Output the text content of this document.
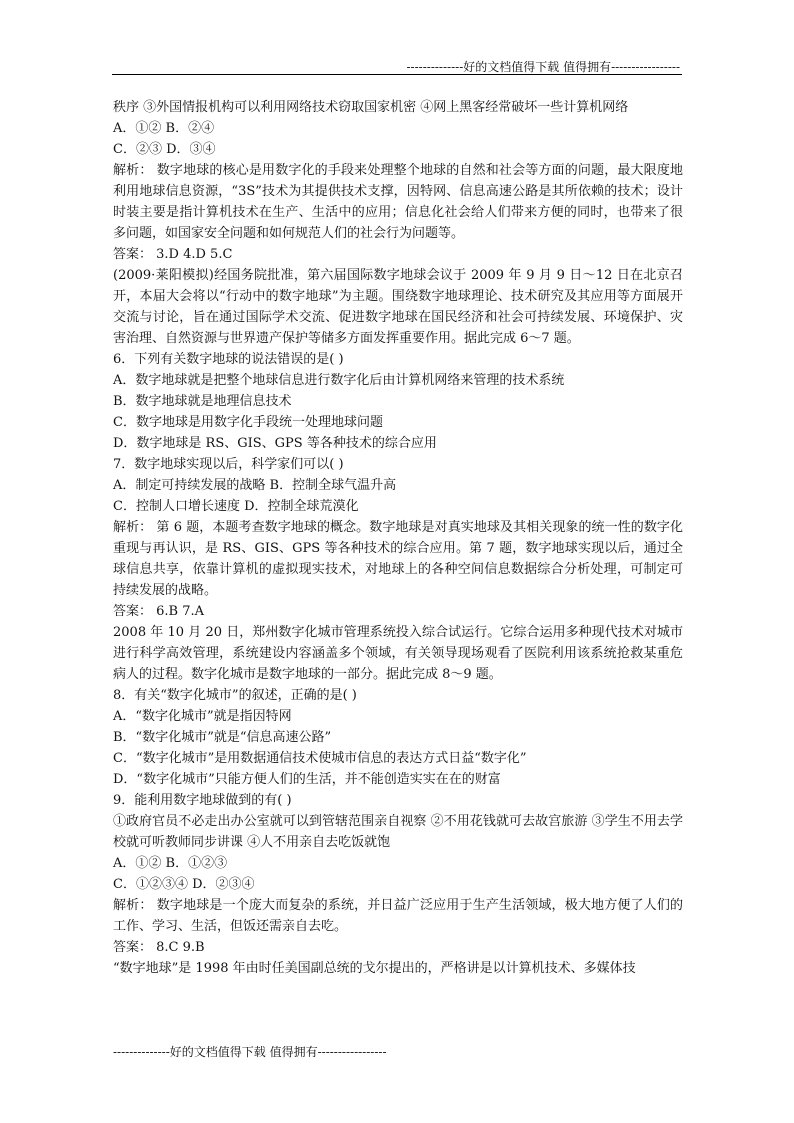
--------------好的文档值得下载 值得拥有-----------------

秩序 ③外国情报机构可以利用网络技术窃取国家机密 ④网上黑客经常破坏一些计算机网络

A．①② B．②④

C．②③ D．③④

解析： 数字地球的核心是用数字化的手段来处理整个地球的自然和社会等方面的问题，最大限度地利用地球信息资源，“3S”技术为其提供技术支撑，因特网、信息高速公路是其所依赖的技术；设计时装主要是指计算机技术在生产、生活中的应用；信息化社会给人们带来方便的同时，也带来了很多问题，如国家安全问题和如何规范人们的社会行为问题等。

答案： 3.D 4.D 5.C

(2009·莱阳模拟)经国务院批准，第六届国际数字地球会议于 2009 年 9 月 9 日～12 日在北京召开，本届大会将以“行动中的数字地球”为主题。围绕数字地球理论、技术研究及其应用等方面展开交流与讨论，旨在通过国际学术交流、促进数字地球在国民经济和社会可持续发展、环境保护、灾害治理、自然资源与世界遗产保护等储多方面发挥重要作用。据此完成 6～7 题。

6．下列有关数字地球的说法错误的是( )

A．数字地球就是把整个地球信息进行数字化后由计算机网络来管理的技术系统

B．数字地球就是地理信息技术

C．数字地球是用数字化手段统一处理地球问题

D．数字地球是 RS、GIS、GPS 等各种技术的综合应用

7．数字地球实现以后，科学家们可以( )

A．制定可持续发展的战略 B．控制全球气温升高

C．控制人口增长速度 D．控制全球荒漠化

解析： 第 6 题，本题考查数字地球的概念。数字地球是对真实地球及其相关现象的统一性的数字化重现与再认识，是 RS、GIS、GPS 等各种技术的综合应用。第 7 题，数字地球实现以后，通过全球信息共享，依靠计算机的虚拟现实技术，对地球上的各种空间信息数据综合分析处理，可制定可持续发展的战略。

答案： 6.B 7.A

2008 年 10 月 20 日，郑州数字化城市管理系统投入综合试运行。它综合运用多种现代技术对城市进行科学高效管理，系统建设内容涵盖多个领域，有关领导现场观看了医院利用该系统抢救某重危病人的过程。数字化城市是数字地球的一部分。据此完成 8～9 题。

8．有关“数字化城市”的叙述，正确的是( )

A．“数字化城市”就是指因特网

B．“数字化城市”就是“信息高速公路”

C．“数字化城市”是用数据通信技术使城市信息的表达方式日益“数字化”

D．“数字化城市”只能方便人们的生活，并不能创造实实在在的财富

9．能利用数字地球做到的有( )

①政府官员不必走出办公室就可以到管辖范围亲自视察 ②不用花钱就可去故宫旅游 ③学生不用去学校就可听教师同步讲课 ④人不用亲自去吃饭就饱

A．①② B．①②③

C．①②③④ D．②③④

解析： 数字地球是一个庞大而复杂的系统，并日益广泛应用于生产生活领域，极大地方便了人们的工作、学习、生活，但饭还需亲自去吃。

答案： 8.C 9.B

“数字地球”是 1998 年由时任美国副总统的戈尔提出的，严格讲是以计算机技术、多媒体技

--------------好的文档值得下载 值得拥有-----------------
